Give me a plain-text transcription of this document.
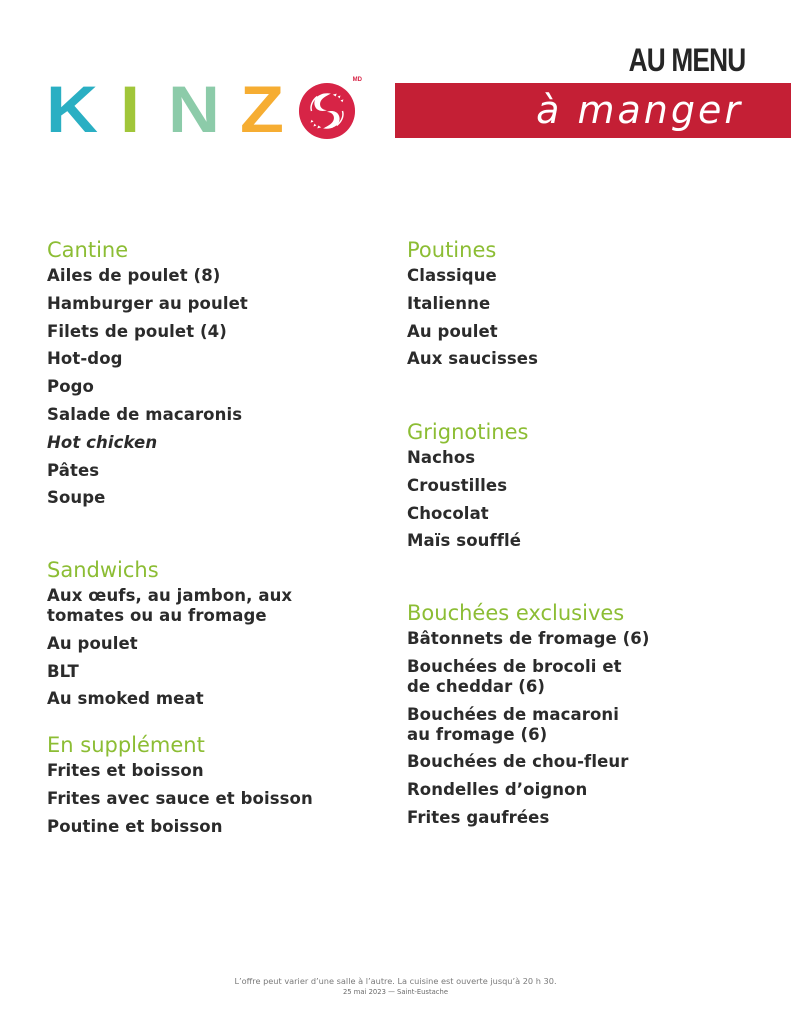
K I N Z	MD
AU MENU
à manger
Cantine
Ailes de poulet (8)
Hamburger au poulet
Filets de poulet (4)
Hot-dog
Pogo
Salade de macaronis
Hot chicken
Pâtes
Soupe
Sandwichs
Aux œufs, au jambon, aux tomates ou au fromage
Au poulet
BLT
Au smoked meat
En supplément
Frites et boisson
Frites avec sauce et boisson
Poutine et boisson
Poutines
Classique
Italienne
Au poulet
Aux saucisses
Grignotines
Nachos
Croustilles
Chocolat
Maïs soufflé
Bouchées exclusives
Bâtonnets de fromage (6)
Bouchées de brocoli et de cheddar (6)
Bouchées de macaroni au fromage (6)
Bouchées de chou-fleur
Rondelles d’oignon
Frites gaufrées
L’offre peut varier d’une salle à l’autre. La cuisine est ouverte jusqu’à 20 h 30.
25 mai 2023 — Saint-Eustache
